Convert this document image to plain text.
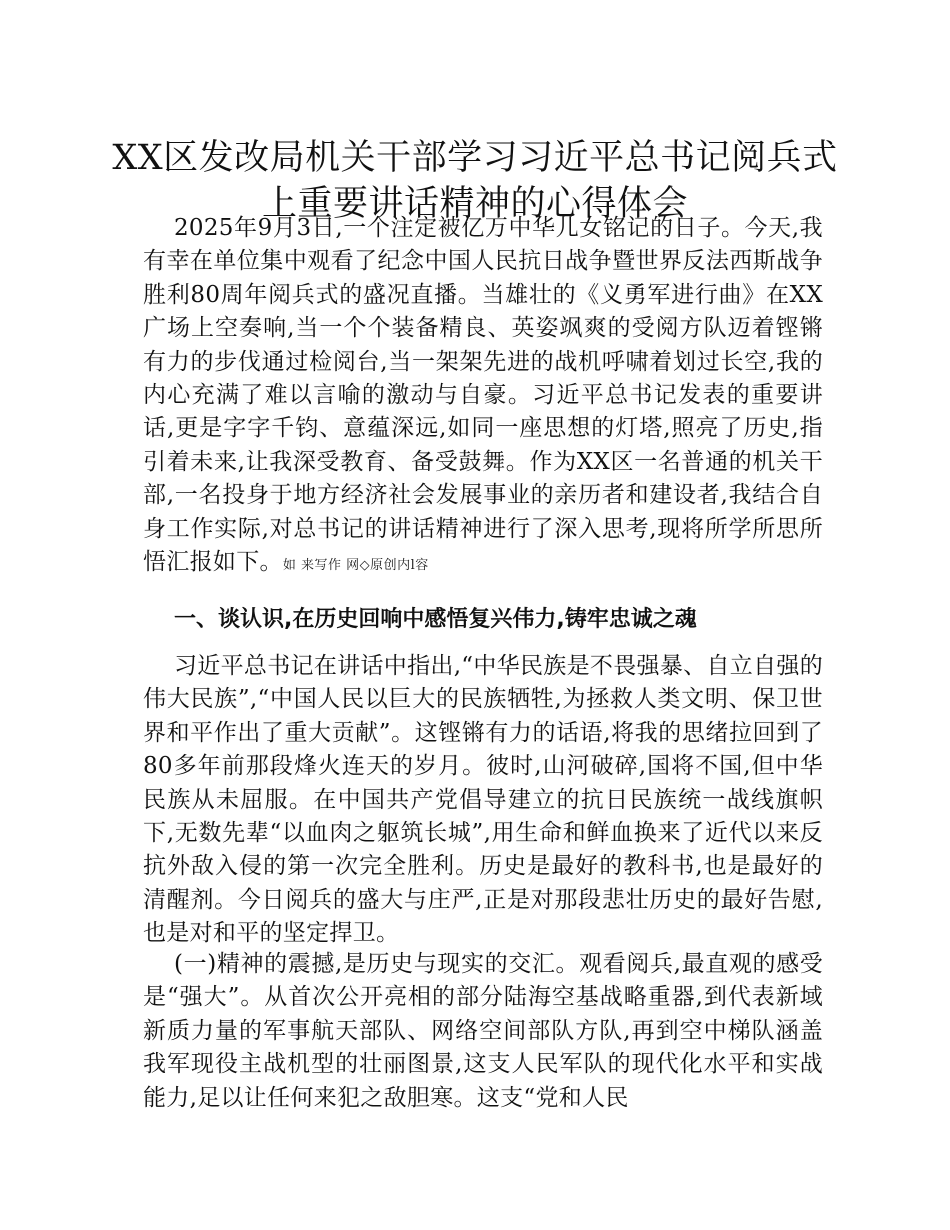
XX区发改局机关干部学习习近平总书记阅兵式
上重要讲话精神的心得体会

2025年9月3日,一个注定被亿万中华儿女铭记的日子。今天,我有幸在单位集中观看了纪念中国人民抗日战争暨世界反法西斯战争胜利80周年阅兵式的盛况直播。当雄壮的《义勇军进行曲》在XX广场上空奏响,当一个个装备精良、英姿飒爽的受阅方队迈着铿锵有力的步伐通过检阅台,当一架架先进的战机呼啸着划过长空,我的内心充满了难以言喻的激动与自豪。习近平总书记发表的重要讲话,更是字字千钧、意蕴深远,如同一座思想的灯塔,照亮了历史,指引着未来,让我深受教育、备受鼓舞。作为XX区一名普通的机关干部,一名投身于地方经济社会发展事业的亲历者和建设者,我结合自身工作实际,对总书记的讲话精神进行了深入思考,现将所学所思所悟汇报如下。如 来写作 网◇原创内l容

一、谈认识,在历史回响中感悟复兴伟力,铸牢忠诚之魂

习近平总书记在讲话中指出,“中华民族是不畏强暴、自立自强的伟大民族”,“中国人民以巨大的民族牺牲,为拯救人类文明、保卫世界和平作出了重大贡献”。这铿锵有力的话语,将我的思绪拉回到了80多年前那段烽火连天的岁月。彼时,山河破碎,国将不国,但中华民族从未屈服。在中国共产党倡导建立的抗日民族统一战线旗帜下,无数先辈“以血肉之躯筑长城”,用生命和鲜血换来了近代以来反抗外敌入侵的第一次完全胜利。历史是最好的教科书,也是最好的清醒剂。今日阅兵的盛大与庄严,正是对那段悲壮历史的最好告慰,也是对和平的坚定捍卫。

(一)精神的震撼,是历史与现实的交汇。观看阅兵,最直观的感受是“强大”。从首次公开亮相的部分陆海空基战略重器,到代表新域新质力量的军事航天部队、网络空间部队方队,再到空中梯队涵盖我军现役主战机型的壮丽图景,这支人民军队的现代化水平和实战能力,足以让任何来犯之敌胆寒。这支“党和人民
